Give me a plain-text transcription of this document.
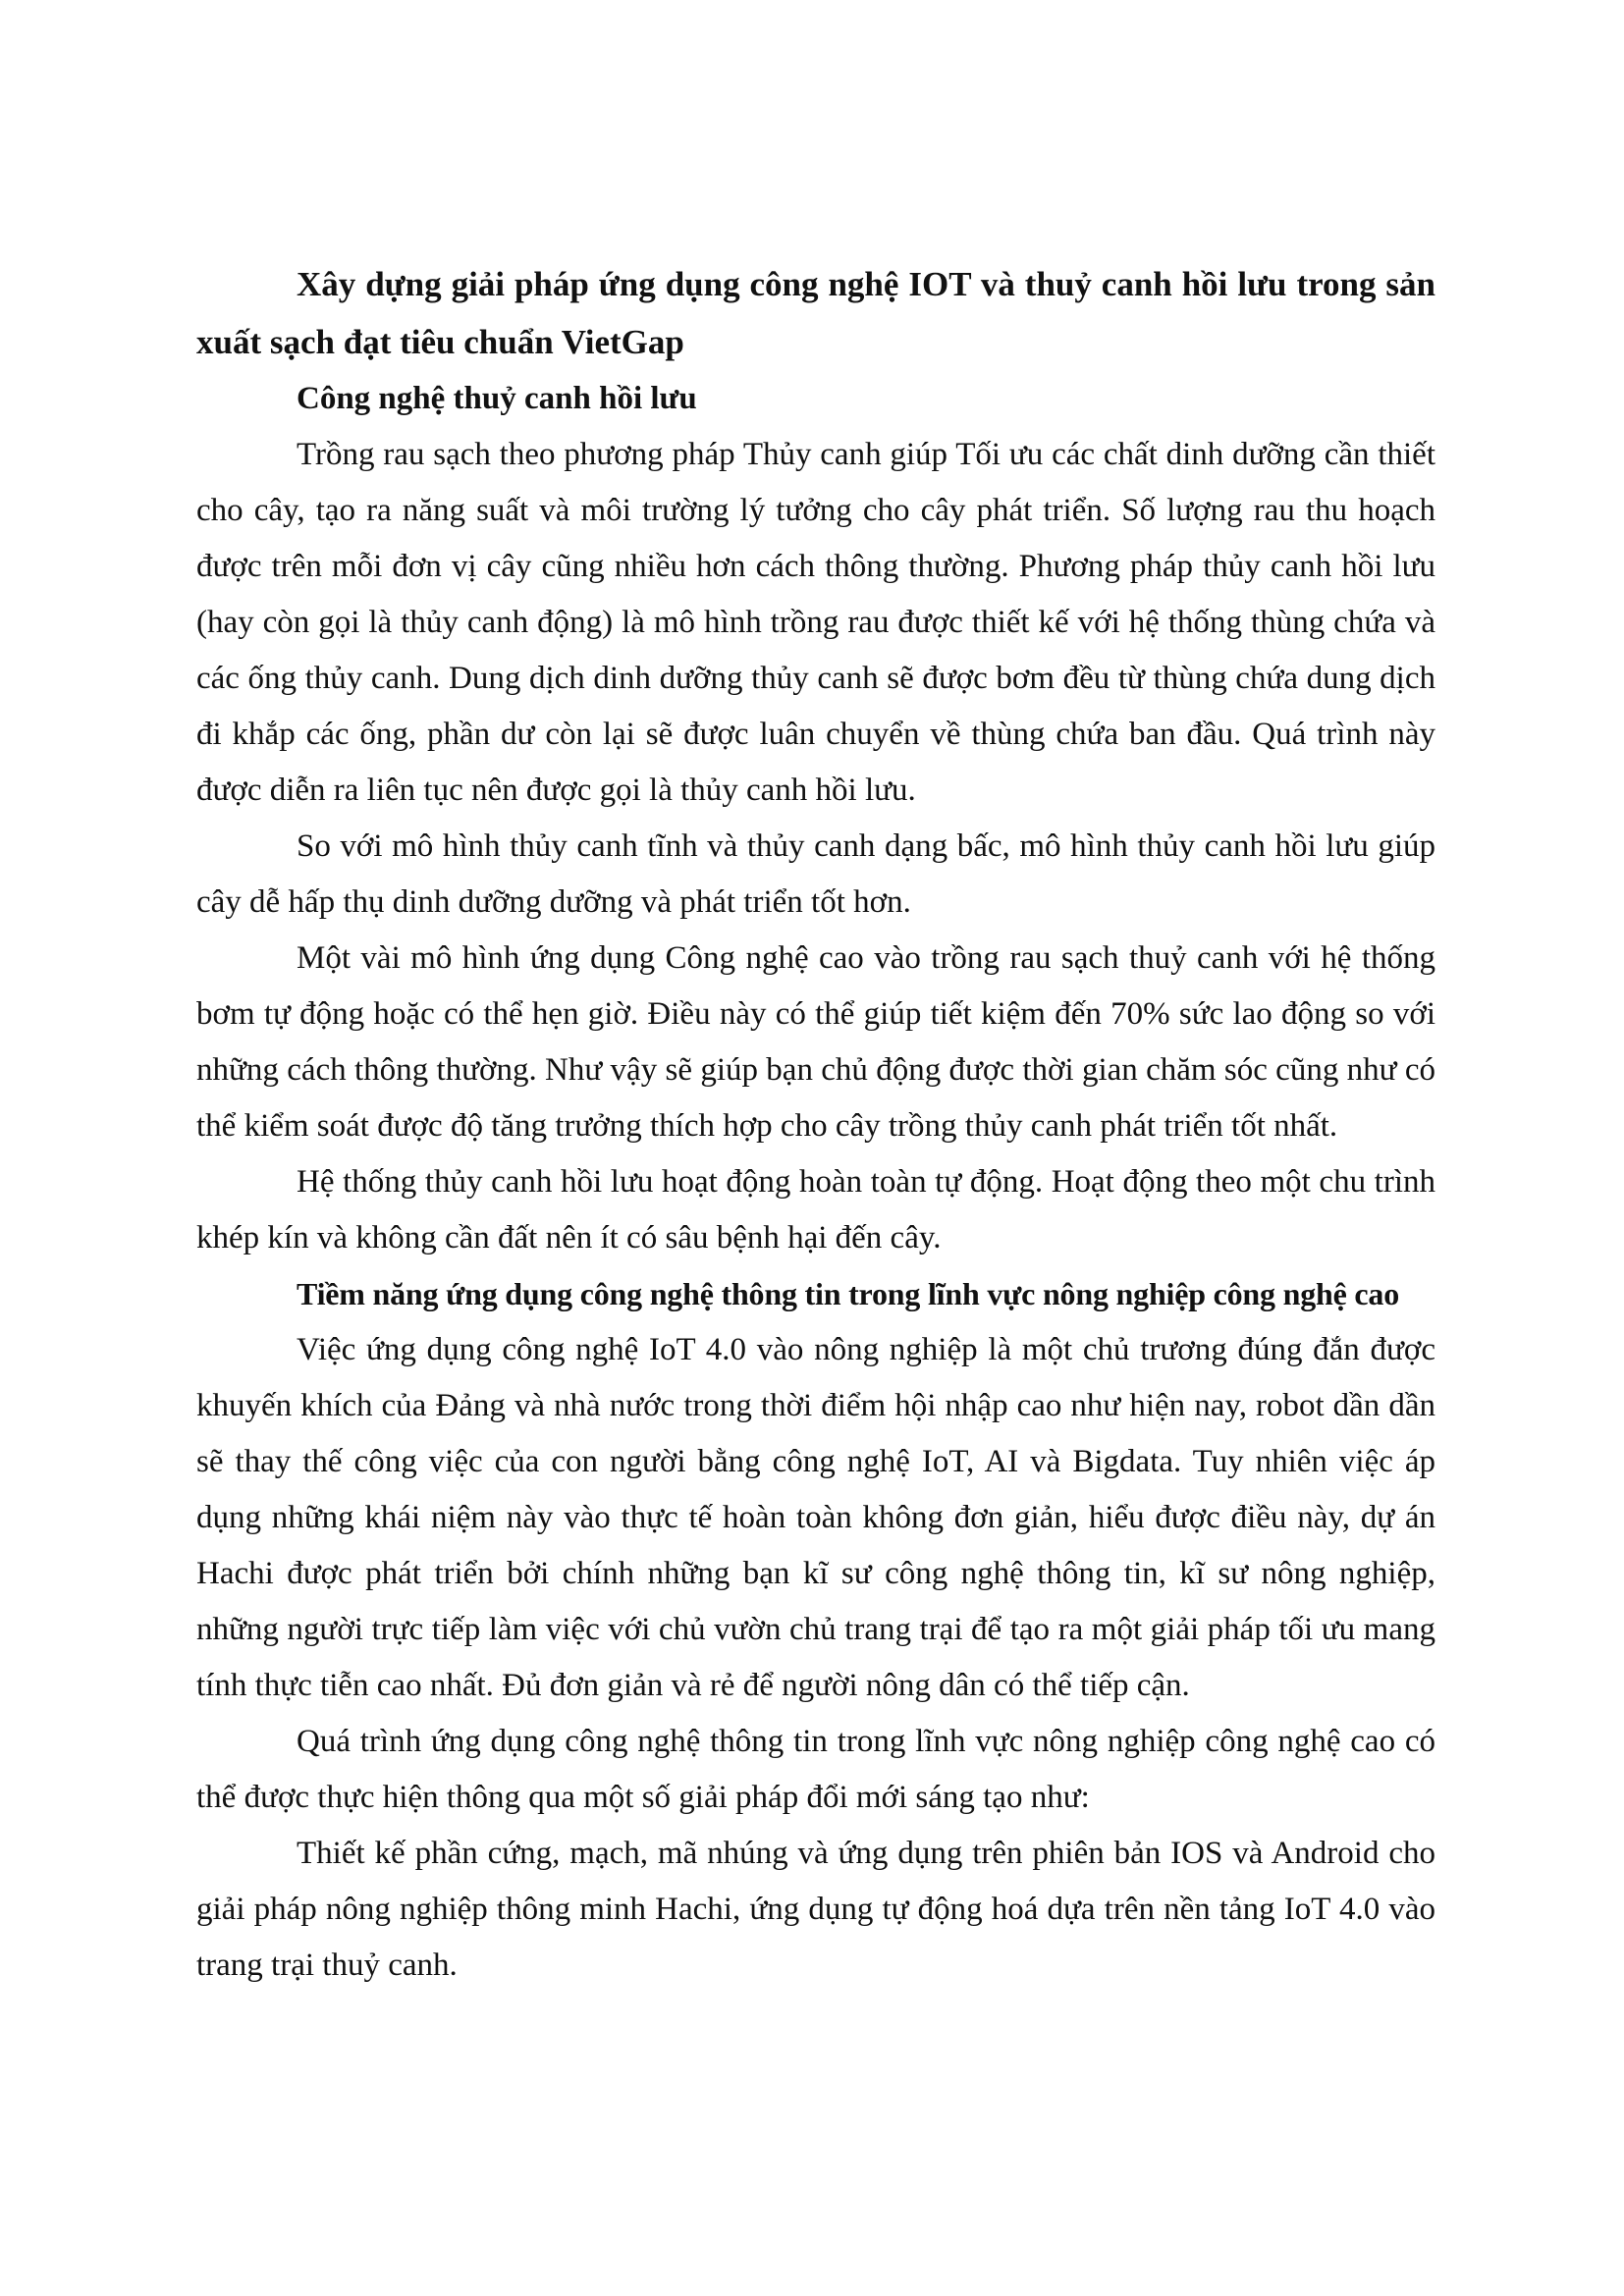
Xây dựng giải pháp ứng dụng công nghệ IOT và thuỷ canh hồi lưu trong sản xuất sạch đạt tiêu chuẩn VietGap

Công nghệ thuỷ canh hồi lưu

Trồng rau sạch theo phương pháp Thủy canh giúp Tối ưu các chất dinh dưỡng cần thiết cho cây, tạo ra năng suất và môi trường lý tưởng cho cây phát triển. Số lượng rau thu hoạch được trên mỗi đơn vị cây cũng nhiều hơn cách thông thường. Phương pháp thủy canh hồi lưu (hay còn gọi là thủy canh động) là mô hình trồng rau được thiết kế với hệ thống thùng chứa và các ống thủy canh. Dung dịch dinh dưỡng thủy canh sẽ được bơm đều từ thùng chứa dung dịch đi khắp các ống, phần dư còn lại sẽ được luân chuyển về thùng chứa ban đầu. Quá trình này được diễn ra liên tục nên được gọi là thủy canh hồi lưu.

So với mô hình thủy canh tĩnh và thủy canh dạng bấc, mô hình thủy canh hồi lưu giúp cây dễ hấp thụ dinh dưỡng dưỡng và phát triển tốt hơn.

Một vài mô hình ứng dụng Công nghệ cao vào trồng rau sạch thuỷ canh với hệ thống bơm tự động hoặc có thể hẹn giờ. Điều này có thể giúp tiết kiệm đến 70% sức lao động so với những cách thông thường. Như vậy sẽ giúp bạn chủ động được thời gian chăm sóc cũng như có thể kiểm soát được độ tăng trưởng thích hợp cho cây trồng thủy canh phát triển tốt nhất.

Hệ thống thủy canh hồi lưu hoạt động hoàn toàn tự động. Hoạt động theo một chu trình khép kín và không cần đất nên ít có sâu bệnh hại đến cây.

Tiềm năng ứng dụng công nghệ thông tin trong lĩnh vực nông nghiệp công nghệ cao

Việc ứng dụng công nghệ IoT 4.0 vào nông nghiệp là một chủ trương đúng đắn được khuyến khích của Đảng và nhà nước trong thời điểm hội nhập cao như hiện nay, robot dần dần sẽ thay thế công việc của con người bằng công nghệ IoT, AI và Bigdata. Tuy nhiên việc áp dụng những khái niệm này vào thực tế hoàn toàn không đơn giản, hiểu được điều này, dự án Hachi được phát triển bởi chính những bạn kĩ sư công nghệ thông tin, kĩ sư nông nghiệp, những người trực tiếp làm việc với chủ vườn chủ trang trại để tạo ra một giải pháp tối ưu mang tính thực tiễn cao nhất. Đủ đơn giản và rẻ để người nông dân có thể tiếp cận.

Quá trình ứng dụng công nghệ thông tin trong lĩnh vực nông nghiệp công nghệ cao có thể được thực hiện thông qua một số giải pháp đổi mới sáng tạo như:

Thiết kế phần cứng, mạch, mã nhúng và ứng dụng trên phiên bản IOS và Android cho giải pháp nông nghiệp thông minh Hachi, ứng dụng tự động hoá dựa trên nền tảng IoT 4.0 vào trang trại thuỷ canh.
